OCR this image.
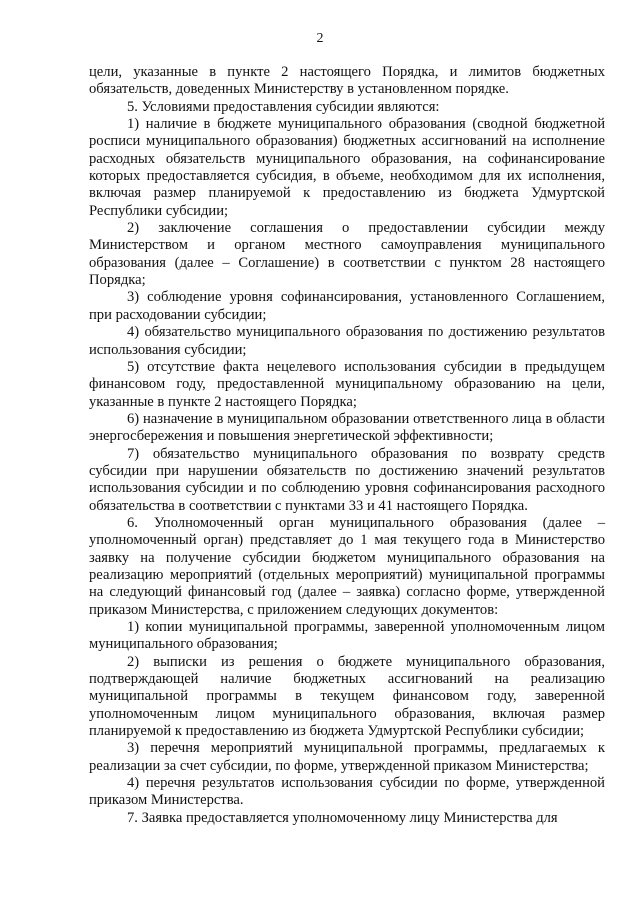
2

цели, указанные в пункте 2 настоящего Порядка, и лимитов бюджетных обязательств, доведенных Министерству в установленном порядке.

5. Условиями предоставления субсидии являются:

1) наличие в бюджете муниципального образования (сводной бюджетной росписи муниципального образования) бюджетных ассигнований на исполнение расходных обязательств муниципального образования, на софинансирование которых предоставляется субсидия, в объеме, необходимом для их исполнения, включая размер планируемой к предоставлению из бюджета Удмуртской Республики субсидии;

2) заключение соглашения о предоставлении субсидии между Министерством и органом местного самоуправления муниципального образования (далее – Соглашение) в соответствии с пунктом 28 настоящего Порядка;

3) соблюдение уровня софинансирования, установленного Соглашением, при расходовании субсидии;

4) обязательство муниципального образования по достижению результатов использования субсидии;

5) отсутствие факта нецелевого использования субсидии в предыдущем финансовом году, предоставленной муниципальному образованию на цели, указанные в пункте 2 настоящего Порядка;

6) назначение в муниципальном образовании ответственного лица в области энергосбережения и повышения энергетической эффективности;

7) обязательство муниципального образования по возврату средств субсидии при нарушении обязательств по достижению значений результатов использования субсидии и по соблюдению уровня софинансирования расходного обязательства в соответствии с пунктами 33 и 41 настоящего Порядка.

6. Уполномоченный орган муниципального образования (далее – уполномоченный орган) представляет до 1 мая текущего года в Министерство заявку на получение субсидии бюджетом муниципального образования на реализацию мероприятий (отдельных мероприятий) муниципальной программы на следующий финансовый год (далее – заявка) согласно форме, утвержденной приказом Министерства, с приложением следующих документов:

1) копии муниципальной программы, заверенной уполномоченным лицом муниципального образования;

2) выписки из решения о бюджете муниципального образования, подтверждающей наличие бюджетных ассигнований на реализацию муниципальной программы в текущем финансовом году, заверенной уполномоченным лицом муниципального образования, включая размер планируемой к предоставлению из бюджета Удмуртской Республики субсидии;

3) перечня мероприятий муниципальной программы, предлагаемых к реализации за счет субсидии, по форме, утвержденной приказом Министерства;

4) перечня результатов использования субсидии по форме, утвержденной приказом Министерства.

7. Заявка предоставляется уполномоченному лицу Министерства для
